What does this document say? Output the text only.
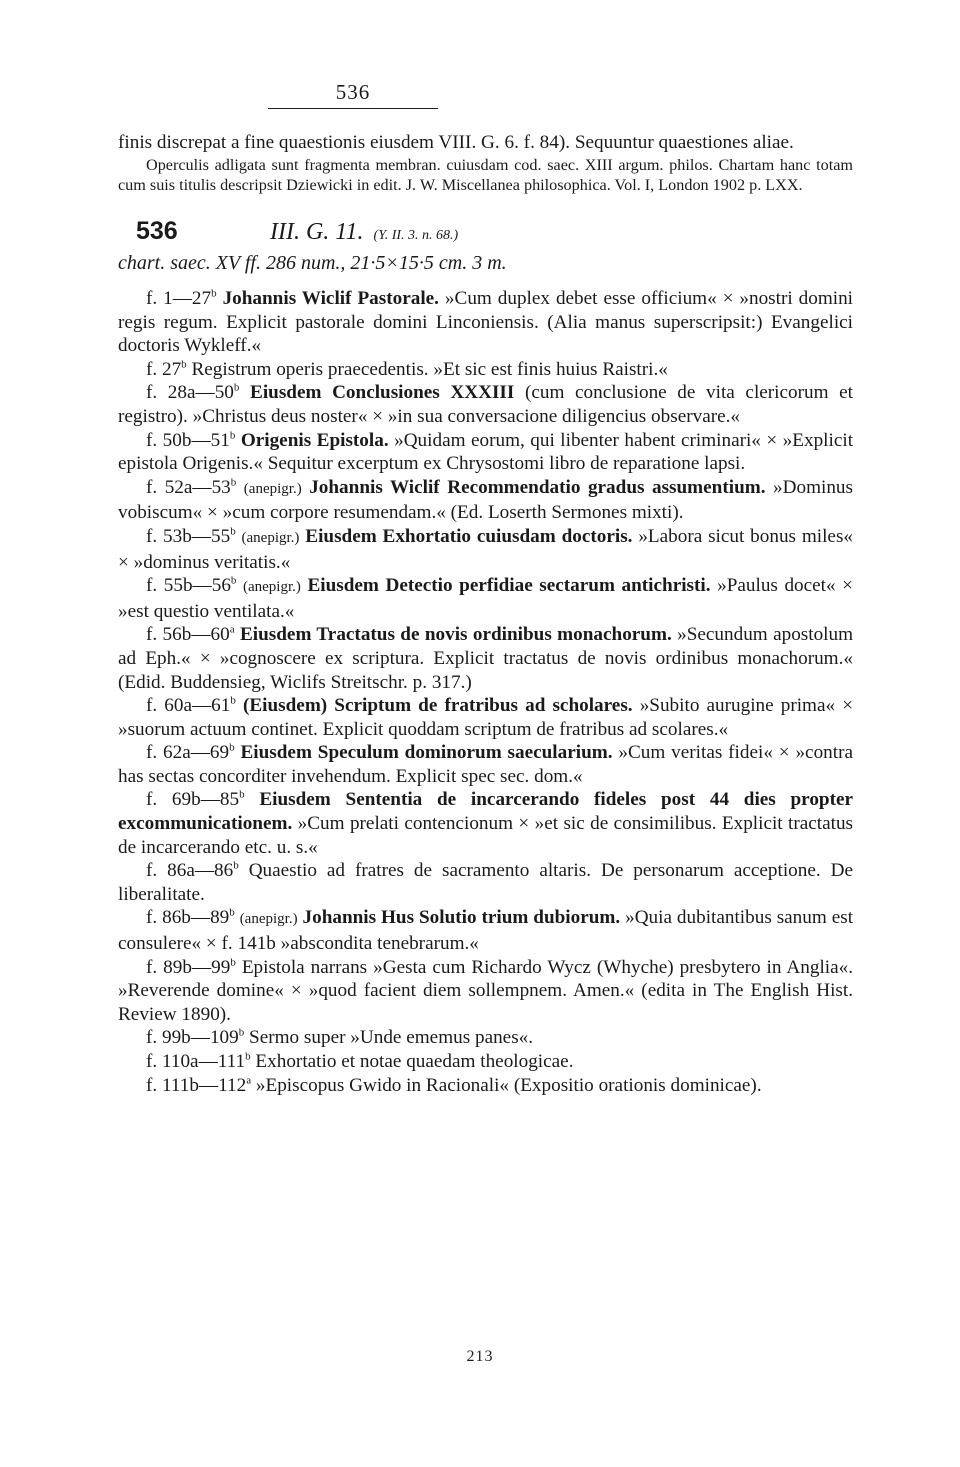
536

finis discrepat a fine quaestionis eiusdem VIII. G. 6. f. 84). Sequuntur quaestiones aliae.

Operculis adligata sunt fragmenta membran. cuiusdam cod. saec. XIII argum. philos. Chartam hanc totam cum suis titulis descripsit Dziewicki in edit. J. W. Miscellanea philosophica. Vol. I, London 1902 p. LXX.

536	III. G. 11. (Y. II. 3. n. 68.)
chart. saec. XV ff. 286 num., 21·5×15·5 cm. 3 m.

f. 1—27$^b$ Johannis Wiclif Pastorale. »Cum duplex debet esse officium« × »nostri domini regis regum. Explicit pastorale domini Linconiensis. (Alia manus superscripsit:) Evangelici doctoris Wykleff.«

f. 27$^b$ Registrum operis praecedentis. »Et sic est finis huius Raistri.«

f. 28a—50$^b$ Eiusdem Conclusiones XXXIII (cum conclusione de vita clericorum et registro). »Christus deus noster« × »in sua conversacione diligencius observare.«

f. 50b—51$^b$ Origenis Epistola. »Quidam eorum, qui libenter habent criminari« × »Explicit epistola Origenis.« Sequitur excerptum ex Chrysostomi libro de reparatione lapsi.

f. 52a—53$^b$ (anepigr.) Johannis Wiclif Recommendatio gradus assumentium. »Dominus vobiscum« × »cum corpore resumendam.« (Ed. Loserth Sermones mixti).

f. 53b—55$^b$ (anepigr.) Eiusdem Exhortatio cuiusdam doctoris. »Labora sicut bonus miles« × »dominus veritatis.«

f. 55b—56$^b$ (anepigr.) Eiusdem Detectio perfidiae sectarum antichristi. »Paulus docet« × »est questio ventilata.«

f. 56b—60$^a$ Eiusdem Tractatus de novis ordinibus monachorum. »Secundum apostolum ad Eph.« × »cognoscere ex scriptura. Explicit tractatus de novis ordinibus monachorum.« (Edid. Buddensieg, Wiclifs Streitschr. p. 317.)

f. 60a—61$^b$ (Eiusdem) Scriptum de fratribus ad scholares. »Subito aurugine prima« × »suorum actuum continet. Explicit quoddam scriptum de fratribus ad scolares.«

f. 62a—69$^b$ Eiusdem Speculum dominorum saecularium. »Cum veritas fidei« × »contra has sectas concorditer invehendum. Explicit spec sec. dom.«

f. 69b—85$^b$ Eiusdem Sententia de incarcerando fideles post 44 dies propter excommunicationem. »Cum prelati contencionum × »et sic de consimilibus. Explicit tractatus de incarcerando etc. u. s.«

f. 86a—86$^b$ Quaestio ad fratres de sacramento altaris. De personarum acceptione. De liberalitate.

f. 86b—89$^b$ (anepigr.) Johannis Hus Solutio trium dubiorum. »Quia dubitantibus sanum est consulere« × f. 141b »abscondita tenebrarum.«

f. 89b—99$^b$ Epistola narrans »Gesta cum Richardo Wycz (Whyche) presbytero in Anglia«. »Reverende domine« × »quod facient diem sollempnem. Amen.« (edita in The English Hist. Review 1890).

f. 99b—109$^b$ Sermo super »Unde ememus panes«.

f. 110a—111$^b$ Exhortatio et notae quaedam theologicae.

f. 111b—112$^a$ »Episcopus Gwido in Racionali« (Expositio orationis dominicae).

213
